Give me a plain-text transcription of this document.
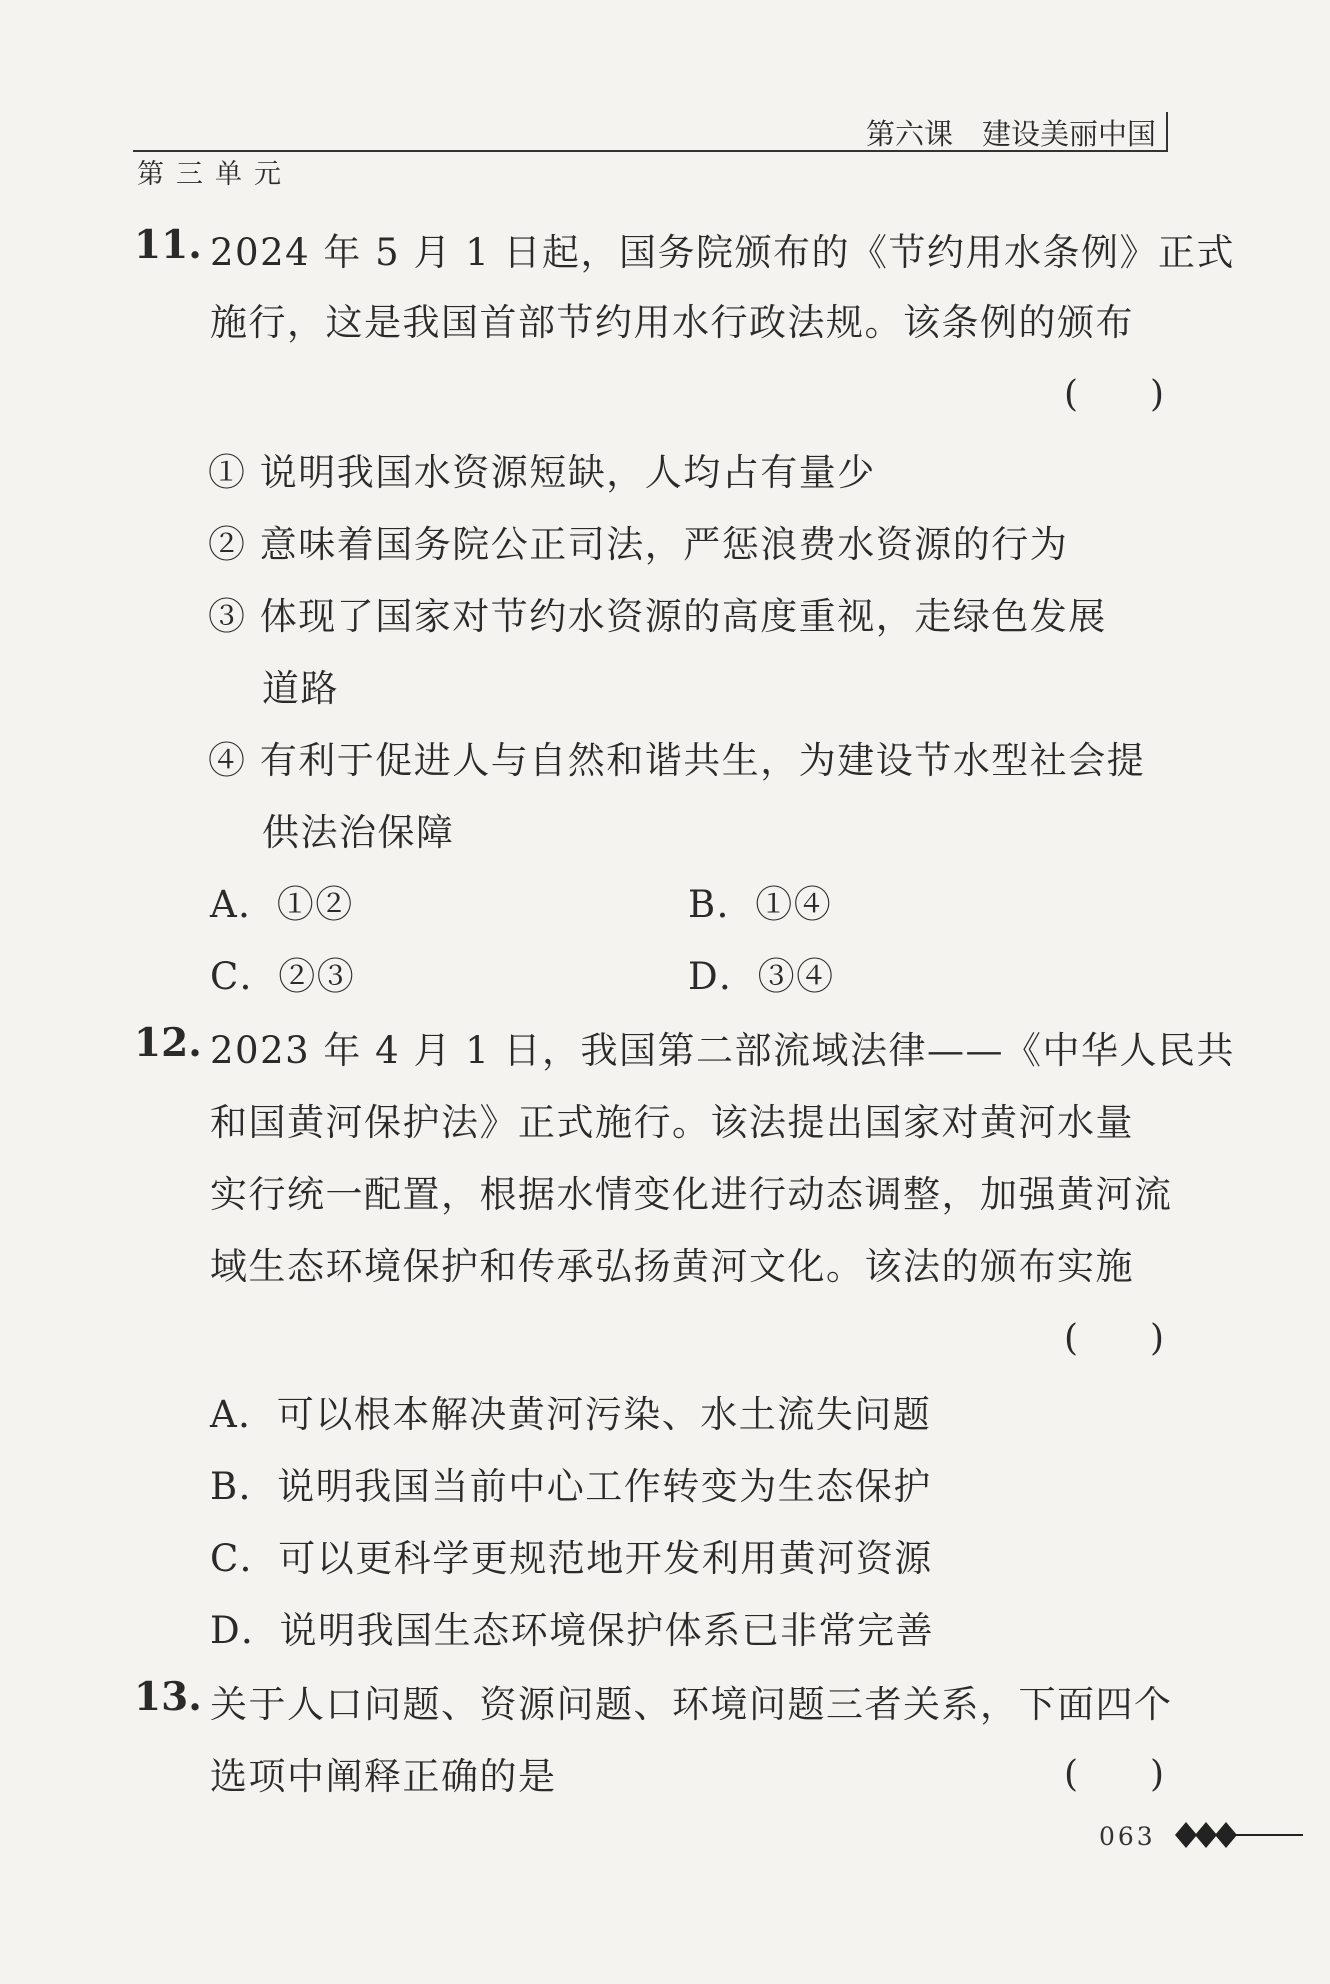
第六课　建设美丽中国
第三单元
11. 2024 年 5 月 1 日起，国务院颁布的《节约用水条例》正式
施行，这是我国首部节约用水行政法规。该条例的颁布
(　　)
① 说明我国水资源短缺，人均占有量少
② 意味着国务院公正司法，严惩浪费水资源的行为
③ 体现了国家对节约水资源的高度重视，走绿色发展
道路
④ 有利于促进人与自然和谐共生，为建设节水型社会提
供法治保障
A．①②	B．①④
C．②③	D．③④
12. 2023 年 4 月 1 日，我国第二部流域法律——《中华人民共
和国黄河保护法》正式施行。该法提出国家对黄河水量
实行统一配置，根据水情变化进行动态调整，加强黄河流
域生态环境保护和传承弘扬黄河文化。该法的颁布实施
(　　)
A．可以根本解决黄河污染、水土流失问题
B．说明我国当前中心工作转变为生态保护
C．可以更科学更规范地开发利用黄河资源
D．说明我国生态环境保护体系已非常完善
13. 关于人口问题、资源问题、环境问题三者关系，下面四个
选项中阐释正确的是	(　　)
063
